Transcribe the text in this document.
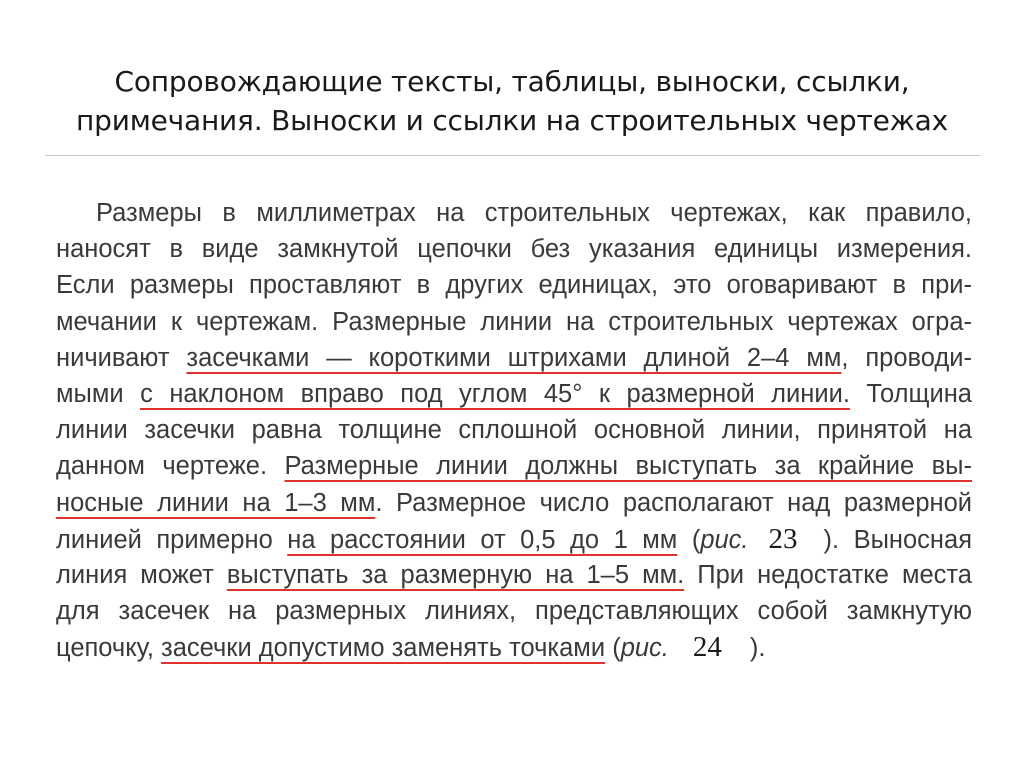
Сопровождающие тексты, таблицы, выноски, ссылки,
примечания. Выноски и ссылки на строительных чертежах
Размеры в миллиметрах на строительных чертежах, как правило,
наносят в виде замкнутой цепочки без указания единицы измерения.
Если размеры проставляют в других единицах, это оговаривают в при-
мечании к чертежам. Размерные линии на строительных чертежах огра-
ничивают засечками — короткими штрихами длиной 2–4 мм, проводи-
мыми с наклоном вправо под углом 45° к размерной линии. Толщина
линии засечки равна толщине сплошной основной линии, принятой на
данном чертеже. Размерные линии должны выступать за крайние вы-
носные линии на 1–3 мм. Размерное число располагают над размерной
линией примерно на расстоянии от 0,5 до 1 мм (рис. 23 ). Выносная
линия может выступать за размерную на 1–5 мм. При недостатке места
для засечек на размерных линиях, представляющих собой замкнутую
цепочку, засечки допустимо заменять точками (рис. 24 ).
